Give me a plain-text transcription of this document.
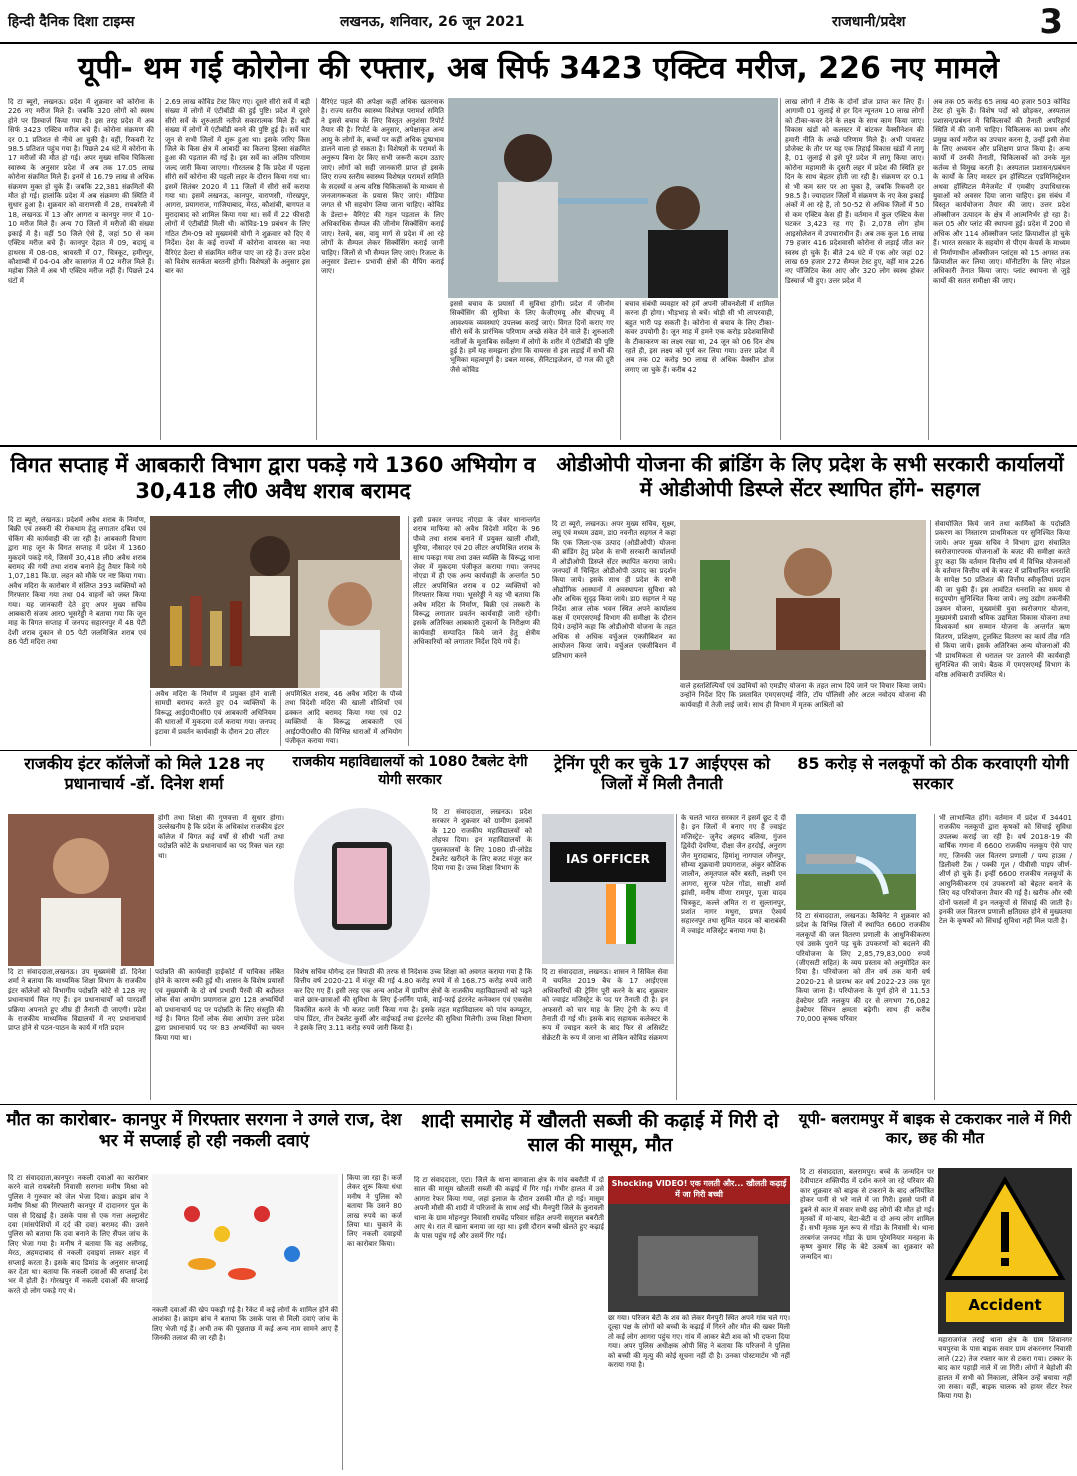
हिन्दी दैनिक दिशा टाइम्स	लखनऊ, शनिवार, 26 जून 2021	राजधानी/प्रदेश	3
यूपी- थम गई कोरोना की रफ्तार, अब सिर्फ 3423 एक्टिव मरीज, 226 नए मामले
दि टा ब्यूरो, लखनऊ। प्रदेश में शुक्रवार को कोरोना के 226 नए मरीज मिले हैं। जबकि 320 लोगों को स्वस्थ होने पर डिस्चार्ज किया गया है। इस तरह प्रदेश में अब सिर्फ 3423 एक्टिव मरीज बचे हैं। कोरोना संक्रमण की दर 0.1 प्रतिशत से नीचे आ चुकी है। वहीं, रिकवरी रेट 98.5 प्रतिशत पहुंच गया है। पिछले 24 घंटे में कोरोना के 17 मरीजों की मौत हो गई। अपर मुख्य सचिव चिकित्सा स्वास्थ्य के अनुसार प्रदेश में अब तक 17.05 लाख कोरोना संक्रमित मिले हैं। इनमें से 16.79 लाख से अधिक संक्रमण मुक्त हो चुके हैं। जबकि 22,381 संक्रमितों की मौत हो गई। हालांकि प्रदेश में अब संक्रमण की स्थिति में सुधार हुआ है। शुक्रवार को वाराणसी में 28, रायबरेली में 18, लखनऊ में 13 और आगरा व कानपुर नगर में 10-10 मरीज मिले हैं। अन्य 70 जिलों में मरीजों की संख्या इकाई में है। वहीं 50 जिले ऐसे हैं, जहां 50 से कम एक्टिव मरीज बचे हैं। कानपुर देहात में 09, बदायूं व हाथरस में 08-08, श्रावस्ती में 07, चित्रकूट, हमीरपुर, कौशाम्बी में 04-04 और कासगंज में 02 मरीज मिले हैं। महोबा जिले में अब भी एक्टिव मरीज नहीं हैं। पिछले 24 घंटों में
2.69 लाख कोविड टेस्ट किए गए। दूसरे सीरो सर्वे में बड़ी संख्या में लोगों में एंटीबॉडी की हुई पुष्टि। प्रदेश में दूसरे सीरो सर्वे के शुरुआती नतीजे सकारात्मक मिले हैं। बड़ी संख्या में लोगों में एंटीबॉडी बनने की पुष्टि हुई है। सर्वे चार जून से सभी जिलों में शुरू हुआ था। इसके जरिए किस जिले के किस क्षेत्र में आबादी का कितना हिस्सा संक्रमित हुआ की पड़ताल की गई है। इस सर्वे का अंतिम परिणाम जल्द जारी किया जाएगा। गौरतलब है कि प्रदेश में पहला सीरो सर्वे कोरोना की पहली लहर के दौरान किया गया था। इसमें सितंबर 2020 में 11 जिलों में सीरो सर्वे कराया गया था। इसमें लखनऊ, कानपुर, वाराणसी, गोरखपुर, आगरा, प्रयागराज, गाजियाबाद, मेरठ, कौशांबी, बागपत व मुरादाबाद को शामिल किया गया था। सर्वे में 22 फीसदी लोगों में एंटीबॉडी मिली थी। कोविड-19 प्रबंधन के लिए गठित टीम-09 को मुख्यमंत्री योगी ने शुक्रवार को दिए ये निर्देश। देश के कई राज्यों में कोरोना वायरस का नया वैरिएंट डेल्टा से संक्रमित मरीज पाए जा रहे हैं। उत्तर प्रदेश को विशेष सतर्कता बरतनी होगी। विशेषज्ञों के अनुसार इस बार का
वैरिएंट पहले की अपेक्षा कहीं अधिक खतरनाक है। राज्य स्तरीय स्वास्थ्य विशेषज्ञ परामर्श समिति ने इससे बचाव के लिए विस्तृत अनुशंसा रिपोर्ट तैयार की है। रिपोर्ट के अनुसार, अपेक्षाकृत अन्य आयु के लोगों के, बच्चों पर कहीं अधिक दुष्प्रभाव डालने वाला हो सकता है। विशेषज्ञों के परामर्श के अनुरूप बिना देर किए सभी जरूरी कदम उठाए जाएं। लोगों को सही जानकारी प्राप्त हो इसके लिए राज्य स्तरीय स्वास्थ्य विशेषज्ञ परामर्श समिति के सदस्यों व अन्य वरिष्ठ चिकित्सकों के माध्यम से जनजागरूकता के प्रयास किए जाएं। मीडिया जगत से भी सहयोग लिया जाना चाहिए। कोविड के डेल्टा+ वैरिएंट की गहन पड़ताल के लिए अधिकाधिक सैम्पल की जीनोम सिक्वेंसिंग कराई जाए। रेलवे, बस, वायु मार्ग से प्रदेश में आ रहे लोगों के सैम्पल लेकर सिक्वेंसिंग कराई जानी चाहिए। जिलों से भी सैम्पल लिए जाएं। रिजल्ट के अनुसार डेल्टा+ प्रभावी क्षेत्रों की मैपिंग कराई जाए।
इससे बचाव के प्रयासों में सुविधा होगी। प्रदेश में जीनोम सिक्वेंसिंग की सुविधा के लिए केजीएमयू और बीएचयू में आवश्यक व्यवस्थाएं उपलब्ध कराई जाएं। विगत दिनों कराए गए सीरो सर्वे के प्रारंभिक परिणाम अच्छे संकेत देने वाले हैं। शुरुआती नतीजों के मुताबिक सर्वेक्षण में लोगों के शरीर में एंटीबॉडी की पुष्टि हुई है। हमें यह समझना होगा कि वायरस से इस लड़ाई में सभी की भूमिका महत्वपूर्ण है। डबल मास्क, सैनिटाइजेशन, दो गज की दूरी जैसे कोविड
बचाव संबंधी व्यवहार को हमें अपनी जीवनशैली में शामिल करना ही होगा। भीड़भाड़ से बचें। थोड़ी सी भी लापरवाही, बहुत भारी पड़ सकती है। कोरोना से बचाव के लिए टीका-कवर उपयोगी है। जून माह में हमने एक करोड़ प्रदेशवासियों के टीकाकरण का लक्ष्य रखा था, 24 जून को 06 दिन शेष रहते ही, इस लक्ष्य को पूर्ण कर लिया गया। उत्तर प्रदेश में अब तक 02 करोड़ 90 लाख से अधिक वैक्सीन डोज लगाए जा चुके हैं। करीब 42
लाख लोगों ने टीके के दोनों डोज प्राप्त कर लिए हैं। आगामी 01 जुलाई से हर दिन न्यूनतम 10 लाख लोगों को टीका-कवर देने के लक्ष्य के साथ काम किया जाए। विकास खंडों को कलस्टर में बांटकर वैक्सीनेशन की हमारी नीति के अच्छे परिणाम मिले हैं। अभी पायलट प्रोजेक्ट के तौर पर यह एक तिहाई विकास खंडों में लागू है, 01 जुलाई से इसे पूरे प्रदेश में लागू किया जाए। कोरोना महामारी के दूसरी लहर में प्रदेश की स्थिति हर दिन के साथ बेहतर होती जा रही है। संक्रमण दर 0.1 से भी कम स्तर पर आ चुका है, जबकि रिकवरी दर 98.5 है। ज्यादातर जिलों में संक्रमण के नए केस इकाई अंकों में आ रहे हैं, तो 50-52 से अधिक जिलों में 50 से कम एक्टिव केस ही हैं। वर्तमान में कुल एक्टिव केस घटकर 3,423 रह गए हैं। 2,078 लोग होम आइसोलेशन में उपचाराधीन हैं। अब तक कुल 16 लाख 79 हजार 416 प्रदेशवासी कोरोना से लड़ाई जीत कर स्वस्थ हो चुके हैं। बीते 24 घंटे में एक ओर जहां 02 लाख 69 हजार 272 सैम्पल टेस्ट हुए, वहीं मात्र 226 नए पॉजिटिव केस आए और 320 लोग स्वस्थ होकर डिस्चार्ज भी हुए। उत्तर प्रदेश में
अब तक 05 करोड़ 65 लाख 40 हजार 503 कोविड टेस्ट हो चुके हैं। विशेष पदों को छोड़कर, अस्पताल प्रशासन/प्रबंधन में चिकित्सकों की तैनाती अपरिहार्य स्थिति में की जानी चाहिए। चिकित्सक का प्रथम और प्रमुख कार्य मरीज का उपचार करना है, उन्हीं इसी सेवा के लिए अध्ययन और प्रशिक्षण प्राप्त किया है। अन्य कार्यों में उनकी तैनाती, चिकित्सकों को उनके मूल कर्तव्य से विमुख करती है। अस्पताल प्रशासन/प्रबंधन के कार्यों के लिए मास्टर इन हॉस्पिटल एडमिनिस्ट्रेशन अथवा हॉस्पिटल मैनेजमेंट में एमबीए उपाधिधारक युवाओं को अवसर दिया जाना चाहिए। इस संबंध में विस्तृत कार्ययोजना तैयार की जाए। उत्तर प्रदेश ऑक्सीजन उत्पादन के क्षेत्र में आत्मनिर्भर हो रहा है। कल 05 और प्लांट की स्थापना हुई। प्रदेश में 200 से अधिक और 114 ऑक्सीजन प्लांट क्रियाशील हो चुके हैं। भारत सरकार के सहयोग से पीएम केयर्स के माध्यम से निर्माणाधीन ऑक्सीजन प्लांट्स को 15 अगस्त तक क्रियाशील कर लिया जाए। मॉनीटरिंग के लिए नोडल अधिकारी तैनात किया जाए। प्लांट स्थापना से जुड़े कार्यों की सतत समीक्षा की जाए।
विगत सप्ताह में आबकारी विभाग द्वारा पकड़े गये 1360 अभियोग व 30,418 ली0 अवैध शराब बरामद
दि टा ब्यूरो, लखनऊ। प्रदेशमें अवैध शराब के निर्माण, बिक्री एवं तस्करी की रोकथाम हेतु लगातार दबिश एवं चेकिंग की कार्यवाही की जा रही है। आबकारी विभाग द्वारा माह जून के विगत सप्ताह में प्रदेश में 1360 मुकदमे पकड़े गये, जिसमें 30,418 ली0 अवैध शराब बरामद की गयी तथा शराब बनाने हेतु तैयार किये गये 1,07,181 कि.ग्रा. लहन को मौके पर नष्ट किया गया। अवैध मदिरा के कारोबार में संलिप्त 393 व्यक्तियों को गिरफ्तार किया गया तथा 04 वाहनों को जब्त किया गया। यह जानकारी देते हुए अपर मुख्य सचिव आबकारी संजय आर0 भूसरेड्डी ने बताया गया कि जून माह के विगत सप्ताह में जनपद सहारनपुर में 48 पेटी देशी शराब दुकान से 05 पेटी जलमिश्रित शराब एवं 86 पेटी मदिरा तथा
अवैध मदिरा के निर्माण में प्रयुक्त होने वाली सामग्री बरामद करते हुए 04 व्यक्तियों के विरूद्ध आई0पी0सी0 एवं आबकारी अधिनियम की धाराओं में मुकदमा दर्ज कराया गया। जनपद इटावा में प्रवर्तन कार्यवाही के दौरान 20 लीटर
अपमिश्रित शराब, 46 अवैध मदिरा के पौव्वे तथा विदेशी मदिरा की खाली शीशियाँ एवं ढक्कन आदि बरामद किया गया एवं 02 व्यक्तियों के विरूद्ध आबकारी एवं आई0पी0सी0 की विभिन्न धाराओं में अभियोग पंजीकृत कराया गया।
इसी प्रकार जनपद नोएडा के जेवर थानान्तर्गत शराब माफिया को अवैध विदेशी मदिरा के 96 पौव्वे तथा शराब बनाने में प्रयुक्त खाली शीशी, यूरिया, नौसादर एवं 20 लीटर अपमिश्रित शराब के साथ पकड़ा गया तथा उक्त व्यक्ति के विरूद्ध थाना जेवर में मुकदमा पंजीकृत कराया गया। जनपद नोएडा में ही एक अन्य कार्यवाही के अन्तर्गत 50 लीटर अपमिश्रित शराब व 02 व्यक्तियों को गिरफ्तार किया गया। भूसरेड्डी ने यह भी बताया कि अवैध मदिरा के निर्माण, बिक्री एवं तस्करी के विरूद्ध लगातार प्रवर्तन कार्यवाही जारी रहेगी। इसके अतिरिक्त आबकारी दुकानों के निरीक्षण की कार्यवाही सम्पादित किये जाने हेतु क्षेत्रीय अधिकारियों को लगातार निर्देश दिये गये हैं।
ओडीओपी योजना की ब्रांडिंग के लिए प्रदेश के सभी सरकारी कार्यालयों में ओडीओपी डिस्प्ले सेंटर स्थापित होंगे- सहगल
दि टा ब्यूरो, लखनऊ। अपर मुख्य सचिव, सूक्ष्म, लघु एवं मध्यम उद्यम, डा0 नवनीत सहगल ने कहा कि एक जिला-एक उत्पाद (ओडीओपी) योजना की ब्रांडिंग हेतु प्रदेश के सभी सरकारी कार्यालयों में ओडीओपी डिस्प्ले सेंटर स्थापित कराया जाये। जनपदों में चिन्हित ओडीओपी उत्पाद का प्रदर्शन किया जाये। इसके साथ ही प्रदेश के सभी औद्योगिक आस्थानों में अवस्थापना सुविधा को और अधिक सुदृढ़ किया जाये। डा0 सहगल ने यह निर्देश आज लोक भवन स्थित अपने कार्यालय कक्ष में एमएसएमई विभाग की समीक्षा के दौरान दिये। उन्होंने कहा कि ओडीओपी योजना के तहत अधिक से अधिक वर्चुअल एक्जीबिशन का आयोजन किया जाये। वर्चुअल एक्जीबिशन में प्रतिभाग करने
वाले हस्तशिल्पियों एवं उद्यमियों को एमडीए योजना के तहत लाभ दिये जाने पर विचार किया जाये। उन्होंने निर्देश दिए कि प्रस्तावित एमएसएमई नीति, टॉय पॉलिसी और अटल नवोदय योजना की कार्यवाही में तेजी लाई जाये। साथ ही विभाग में मृतक आश्रितों को
सेवायोजित किये जाने तथा कार्मिकों के पदोन्नति प्रकरण का निस्तारण प्राथमिकता पर सुनिश्चित किया जाये। अपर मुख्य सचिव ने विभाग द्वारा संचालित स्वरोजगारपरक योजनाओं के बजट की समीक्षा करते हुए कहा कि वर्तमान वित्तीय वर्ष में विभिन्न योजनाओं के वर्तमान वित्तीय वर्ष के बजट में प्राविधानित धनराशि के सापेक्ष 50 प्रतिशत की वित्तीय स्वीकृतियां प्रदान की जा चुकी हैं। इस आवंटित धनराशि का समय से सदुपयोग सुनिश्चित किया जाये। लघु उद्योग तकनीकी उन्नयन योजना, मुख्यमंत्री युवा स्वरोजगार योजना, मुख्यमंत्री प्रवासी श्रमिक उद्यमिता विकास योजना तथा विश्वकर्मा श्रम सम्मान योजना के अन्तर्गत ऋण वितरण, प्रशिक्षण, टूलकिट वितरण का कार्य तीव्र गति से किया जाये। इसके अतिरिक्त अन्य योजनाओं की भी प्राथमिकता से धरातल पर उतारने की कार्यवाही सुनिश्चित की जाये। बैठक में एमएसएमई विभाग के वरिष्ठ अधिकारी उपस्थित थे।
राजकीय इंटर कॉलेजों को मिले 128 नए प्रधानाचार्य -डॉ. दिनेश शर्मा
होगी तथा शिक्षा की गुणवत्ता में सुधार होगा। उल्लेखनीय है कि प्रदेश के अधिकांश राजकीय इंटर कॉलेज में विगत कई वर्षों से सीधी भर्ती तथा पदोन्नति कोटे के प्रधानाचार्य का पद रिक्त चल रहा था।
दि टा संवाददाता,लखनऊ। उप मुख्यमंत्री डॉ. दिनेश शर्मा ने बताया कि माध्यमिक शिक्षा विभाग के राजकीय इंटर कॉलेजों को विभागीय पदोन्नति कोटे से 128 नए प्रधानाचार्य मिल गए हैं। इन प्रधानाचार्यों को पारदर्शी प्रक्रिया अपनाते हुए शीघ्र ही तैनाती दी जाएगी। प्रदेश के राजकीय माध्यमिक विद्यालयों में नए प्रधानाचार्य प्राप्त होने से पठन-पाठन के कार्य में गति प्रदान
पदोन्नति की कार्यवाही हाईकोर्ट में याचिका लंबित होने के कारण रुकी हुई थी। शासन के विशेष प्रयासों एवं मुख्यमंत्री के दो वर्ष प्रभावी पैरवी की बदौलत लोक सेवा आयोग प्रयागराज द्वारा 128 अभ्यर्थियों को प्रधानाचार्य पद पर पदोन्नति के लिए संस्तुति की गई है। विगत दिनों लोक सेवा आयोग उत्तर प्रदेश द्वारा प्रधानाचार्य पद पर 83 अभ्यर्थियों का चयन किया गया था।
राजकीय महाविद्यालयों को 1080 टैबलेट देगी योगी सरकार
दि टा संवाददाता, लखनऊ। प्रदेश सरकार ने शुक्रवार को ग्रामीण इलाकों के 120 राजकीय महाविद्यालयों को तोहफा दिया। इन महाविद्यालयों के पुस्तकालयों के लिए 1080 प्री-लोडेड टैबलेट खरीदने के लिए बजट मंजूर कर दिया गया है। उच्च शिक्षा विभाग के
विशेष सचिव योगेन्द्र दत्त त्रिपाठी की तरफ से निदेशक उच्च शिक्षा को अवगत कराया गया है कि वित्तीय वर्ष 2020-21 में मंजूर की गई 4.80 करोड़ रुपये में से 168.75 करोड़ रुपये जारी कर दिए गए हैं। इसी तरह एक अन्य आदेश में ग्रामीण क्षेत्रों के राजकीय महाविद्यालयों को पढ़ने वाले छात्र-छात्राओं की सुविधा के लिए ई-लर्निंग पार्क, वाई-फाई इंटरनेट कनेक्शन एवं एकसेस विकसित करने के भी बजट जारी किया गया है। इसके तहत महाविद्यालय को पांच कम्प्यूटर, पांच प्रिंटर, तीन टेबलेट कुर्सी और वाईफाई तथा इंटरनेट की सुविधा मिलेगी। उच्च शिक्षा विभाग ने इसके लिए 3.11 करोड़ रुपये जारी किया है।
ट्रेनिंग पूरी कर चुके 17 आईएएस को जिलों में मिली तैनाती
IAS OFFICER
दि टा संवाददाता, लखनऊ। शासन ने सिविल सेवा में चयनित 2019 बैच के 17 आईएएस अधिकारियों की ट्रेनिंग पूरी करने के बाद शुक्रवार को ज्वाइंट मजिस्ट्रेट के पद पर तैनाती दी है। इन अफसरों को चार माह के लिए ट्रेनी के रूप में तैनाती दी गई थी। इसके बाद सहायक कलेक्टर के रूप में ज्वाइन करने के बाद फिर से असिस्टेंट सेक्रेटरी के रूप में जाना था लेकिन कोविड संक्रमण
के चलते भारत सरकार ने इसमें छूट दे दी है। इन जिलों में बनाए गए हैं ज्वाइंट मजिस्ट्रेट- जुनैद अहमद बलिया, गुंजन द्विवेदी देवरिया, दीक्षा जैन हरदोई, अनुराग जैन मुरादाबाद, हिमांशु नागपाल जौनपुर, सौम्या शुक्रवानी प्रयागराज, अंकुर कौशिक जालौन, अमृतपाल कौर बस्ती, लक्ष्मी एन आगरा, सुरज पटेल गोंडा, साक्षी शर्मा झांसी, मनीष मीणा रामपुर, पूजा यादव चित्रकूट, कल्ले अमित रा रा सुल्तानपुर, प्रशांत नागर मथुरा, प्रणत ऐश्वर्य सहारनपुर तथा सुमित यादव को बाराबंकी में ज्वाइंट मजिस्ट्रेट बनाया गया है।
85 करोड़ से नलकूपों को ठीक करवाएगी योगी सरकार
दि टा संवाददाता, लखनऊ। कैबिनेट ने शुक्रवार को प्रदेश के विभिन्न जिलों में स्थापित 6600 राजकीय नलकूपों की जल वितरण प्रणाली के आधुनिकीकरण एवं उसके पुराने पड़ चुके उपकरणों को बदलने की परियोजना के लिए 2,85,79,83,000 रुपये (जीएसटी सहित) के व्यय प्रस्ताव को अनुमोदित कर दिया है। परियोजना को तीन वर्ष तक यानी वर्ष 2020-21 से प्रारम्भ कर वर्ष 2022-23 तक पूरा किया जाना है। परियोजना के पूर्ण होने से 11.53 हेक्टेयर प्रति नलकूप की दर से लगभग 76,082 हेक्टेयर सिंचन क्षमता बढ़ेगी। साथ ही करीब 70,000 कृषक परिवार
भी लाभान्वित होंगे। वर्तमान में प्रदेश में 34401 राजकीय नलकूपों द्वारा कृषकों को सिंचाई सुविधा उपलब्ध कराई जा रही है। वर्ष 2018-19 की वार्षिक गणना में 6600 राजकीय नलकूप ऐसे पाए गए, जिनकी जल वितरण प्रणाली / पम्प हाउस / डिलीवरी टैंक / पक्की गूल / पीवीसी पाइप जीर्ण-शीर्ण हो चुके हैं। इन्हीं 6600 राजकीय नलकूपों के आधुनिकीकरण एवं उपकरणों को बेहतर बनाने के लिए यह परियोजना तैयार की गई है। खरीफ और रबी दोनों फसलों में इन नलकूपों से सिंचाई की जाती है। इनकी जल वितरण प्रणाली क्षतिग्रस्त होने से मुख्यतया टेल के कृषकों को सिंचाई सुविधा नहीं मिल पाती है।
मौत का कारोबार- कानपुर में गिरफ्तार सरगना ने उगले राज, देश भर में सप्लाई हो रही नकली दवाएं
दि टा संवाददाता,कानपुर। नकली दवाओं का कारोबार करने वाले रायबरेली निवासी सरगना मनीष मिश्रा को पुलिस ने गुरुवार को जेल भेजा दिया। क्राइम ब्रांच ने मनीष मिश्रा की गिरफ्तारी कानपुर में दादानगर पुल के पास से दिखाई है। उसके पास से एक गत्ता अल्ट्रासेट दवा (मांसपेशियों में दर्द की दवा) बरामद की। उसने पुलिस को बताया कि दवा बनाने के लिए सैंपल जांच के लिए भेजा गया है। मनीष ने बताया कि वह अलीगढ़, मेरठ, अहमदाबाद से नकली दवाइयां लाकर शहर में सप्लाई करता है। इसके बाद डिमांड के अनुसार सप्लाई कर देता था। बताया कि नकली दवाओं की सप्लाई देश भर में होती है। गोरखपुर में नकली दवाओं की सप्लाई करते दो लोग पकड़े गए थे।
नकली दवाओं की खेप पकड़ी गई है। रैकेट में कई लोगों के शामिल होने की आशंका है। क्राइम ब्रांच ने बताया कि उसके पास से मिली दवाएं जांच के लिए भेजी गई हैं। अभी तक की पूछताछ में कई अन्य नाम सामने आए हैं जिनकी तलाश की जा रही है।
किया जा रहा है। कर्जे लेकर शुरू किया धंधा मनीष ने पुलिस को बताया कि उसने 80 लाख रुपये का कर्ज लिया था। चुकाने के लिए नकली दवाइयों का कारोबार किया।
शादी समारोह में खौलती सब्जी की कढ़ाई में गिरी दो साल की मासूम, मौत
दि टा संवाददाता, एटा। जिले के थाना बागवाला क्षेत्र के गांव बबरौती में दो साल की मासूम खौलती सब्जी की कढ़ाई में गिर गई। गंभीर हालत में उसे आगरा रेफर किया गया, जहां इलाज के दौरान उसकी मौत हो गई। मासूम अपनी मौसी की शादी में परिजनों के साथ आई थी। मैनपुरी जिले के कुरावली थाना के ग्राम मोहनपुर निवासी राघवेंद्र परिवार सहित अपनी ससुराल बबरौती आए थे। रात में खाना बनाया जा रहा था। इसी दौरान बच्ची खेलते हुए कढ़ाई के पास पहुंच गई और उसमें गिर गई।
Shocking VIDEO! एक गलती और... खौलती कढ़ाई में जा गिरी बच्ची
छा गया। परिजन बेटी के शव को लेकर मैनपुरी स्थित अपने गांव चले गए। दूल्हा पक्ष के लोगों को बच्ची के कढ़ाई में गिरने और मौत की खबर मिली तो कई लोग आगरा पहुंच गए। गांव में आकर बेटी शव को भी दफना दिया गया। अपर पुलिस अधीक्षक ओपी सिंह ने बताया कि परिजनों ने पुलिस को बच्ची की मृत्यु की कोई सूचना नहीं दी है। उनका पोस्टमार्टम भी नहीं कराया गया है।
यूपी- बलरामपुर में बाइक से टकराकर नाले में गिरी कार, छह की मौत
दि टा संवाददाता, बलरामपुर। बच्चे के जन्मदिन पर देवीपाटन शक्तिपीठ में दर्शन करने जा रहे परिवार की कार शुक्रवार को बाइक से टकराने के बाद अनियंत्रित होकर पानी से भरे नाले में जा गिरी। इससे पानी में डूबने से कार में सवार सभी छह लोगों की मौत हो गई। मृतकों में मां-बाप, बेटा-बेटी व दो अन्य लोग शामिल हैं। सभी मृतक मूल रूप से गोंडा के निवासी थे। थाना तरबगंज जनपद गोंडा के ग्राम पूरेमनियार मनहना के कृष्ण कुमार सिंह के बेटे उत्कर्ष का शुक्रवार को जन्मदिन था।
Accident
महाराजगंज तराई थाना क्षेत्र के ग्राम शिवानगर चयपुरवा के पास बाइक सवार ग्राम शंकरनगर निवासी लाले (22) तेज रफ्तार कार से टकरा गया। टक्कर के बाद कार पहाड़ी नाले में जा गिरी। लोगों ने बेहोशी की हालत में सभी को निकाला, लेकिन उन्हें बचाया नहीं जा सका। वहीं, बाइक चालक को हायर सेंटर रेफर किया गया है।
